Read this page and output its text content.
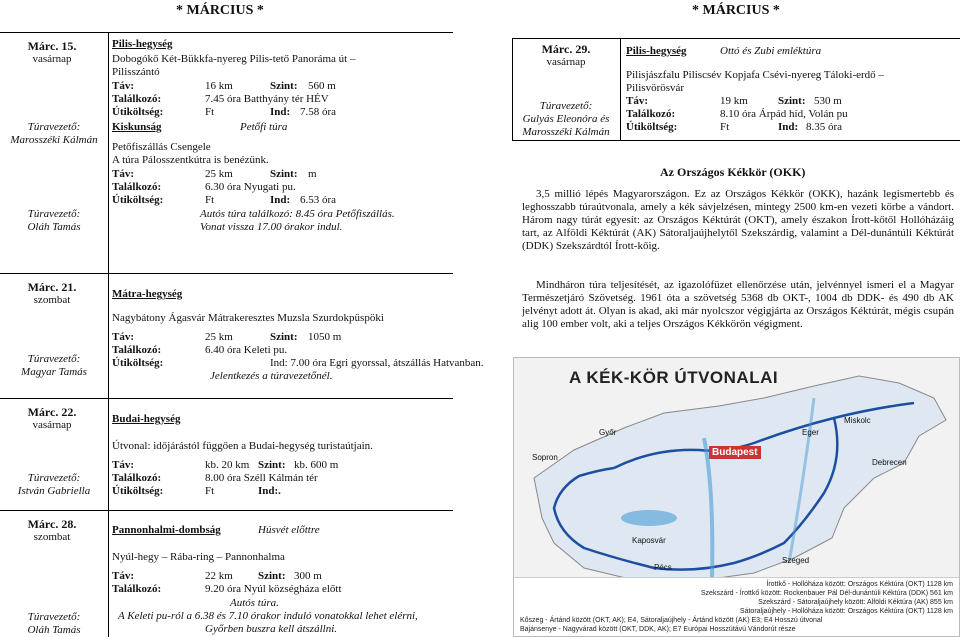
* MÁRCIUS *	* MÁRCIUS *
Márc. 15.
vasárnap
Túravezető:
Marosszéki Kálmán
Pilis-hegység
Dobogókő Két-Bükkfa-nyereg Pilis-tető Panoráma út –
Pilisszántó
Táv:	16 km	Szint: 560 m
Találkozó:	7.45 óra Batthyány tér HÉV
Útiköltség:	Ft	Ind: 7.58 óra
Kiskunság	Petőfi túra
Petőfiszállás Csengele
A túra Pálosszentkútra is benézünk.
Táv:	25 km	Szint: m
Találkozó:	6.30 óra Nyugati pu.
Útiköltség:	Ft	Ind: 6.53 óra
Túravezető:
Oláh Tamás
Autós túra találkozó: 8.45 óra Petőfiszállás.
Vonat vissza 17.00 órakor indul.
Márc. 21.
szombat
Túravezető:
Magyar Tamás
Mátra-hegység
Nagybátony Ágasvár Mátrakeresztes Muzsla Szurdokpüspöki
Táv:	25 km	Szint: 1050 m
Találkozó:	6.40 óra Keleti pu.
Útiköltség:	Ind: 7.00 óra Egri gyorssal, átszállás Hatvanban.
Jelentkezés a túravezetőnél.
Márc. 22.
vasárnap
Túravezető:
István Gabriella
Budai-hegység
Útvonal: időjárástól függően a Budai-hegység turistaútjain.
Táv:	kb. 20 km Szint: kb. 600 m
Találkozó:	8.00 óra Széll Kálmán tér
Útiköltség:	Ft	Ind:.
Márc. 28.
szombat
Túravezető:
Oláh Tamás
Pannonhalmi-dombság	Húsvét előttre
Nyúl-hegy – Rába-ring – Pannonhalma
Táv:	22 km Szint: 300 m
Találkozó:	9.20 óra Nyúl községháza előtt
Autós túra.
A Keleti pu-ról a 6.38 és 7.10 órakor induló vonatokkal lehet elérni,
Győrben buszra kell átszállni.
Márc. 29.
vasárnap
Túravezető:
Gulyás Eleonóra és
Marosszéki Kálmán
Pilis-hegység	Ottó és Zubi emléktúra
Pilisjászfalu Piliscsév Kopjafa Csévi-nyereg Táloki-erdő –
Pilisvörösvár
Táv:	19 km	Szint: 530 m
Találkozó:	8.10 óra Árpád híd, Volán pu
Útiköltség:	Ft	Ind: 8.35 óra
Az Országos Kékkör (OKK)
3,5 millió lépés Magyarországon. Ez az Országos Kékkör (OKK), hazánk legismertebb és leghosszabb túraútvonala, amely a kék sávjelzésen, mintegy 2500 km-en vezeti körbe a vándort. Három nagy túrát egyesít: az Országos Kéktúrát (OKT), amely északon Írott-kőtől Hollóházáig tart, az Alföldi Kéktúrát (AK) Sátoraljaújhelytől Szekszárdig, valamint a Dél-dunántúli Kéktúrát (DDK) Szekszárdtól Írott-kőig.
Mindháron túra teljesítését, az igazolófüzet ellenőrzése után, jelvénnyel ismeri el a Magyar Természetjáró Szövetség. 1961 óta a szövetség 5368 db OKT-, 1004 db DDK- és 490 db AK jelvényt adott át. Olyan is akad, aki már nyolcszor végigjárta az Országos Kéktúrát, mégis csupán alig 100 ember volt, aki a teljes Országos Kékkörön végigment.
A KÉK-KÖR ÚTVONALAI
Budapest
Győr
Sopron
Kaposvár
Pécs
Szeged
Debrecen
Miskolc
Eger
Írottkő - Hollóháza között: Országos Kéktúra (OKT) 1128 km
Szekszárd - Írottkő között: Rockenbauer Pál Dél-dunántúli Kéktúra (DDK) 561 km
Szekszárd - Sátoraljaújhely között: Alföldi Kéktúra (AK) 855 km
Sátoraljaújhely - Hollóháza között: Országos Kéktúra (OKT) 1128 km
Kőszeg - Ártánd között (OKT, AK); E4, Sátoraljaújhely - Ártánd között (AK) E3; E4 Hosszú útvonal
Bajánsenye - Nagyvárad között (OKT, DDK, AK); E7 Európai Hosszútávú Vándorút része
